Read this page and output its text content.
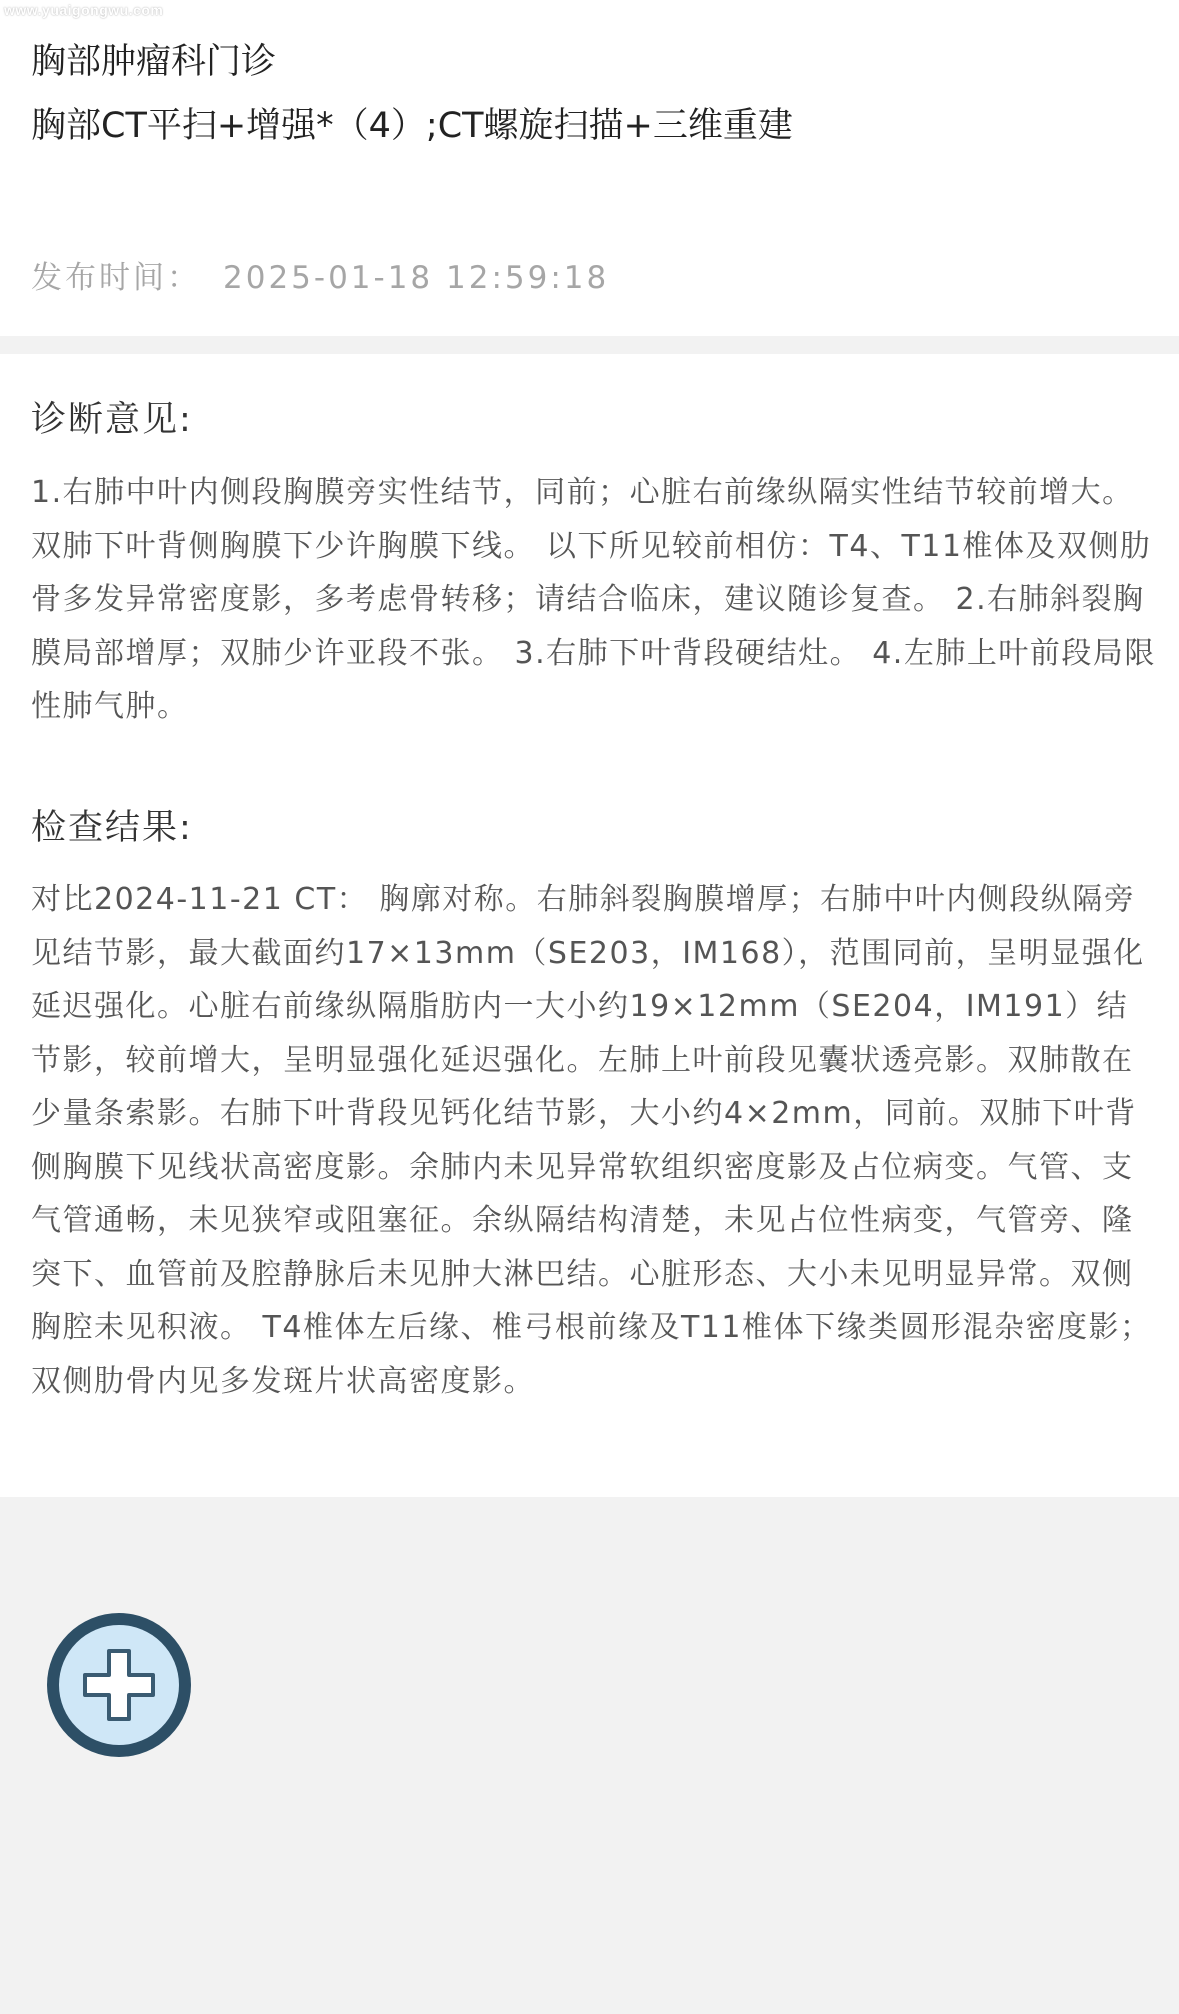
胸部肿瘤科门诊
胸部CT平扫+增强*（4）;CT螺旋扫描+三维重建
发布时间： 2025-01-18 12:59:18
www.yuaigongwu.com
诊断意见:
1.右肺中叶内侧段胸膜旁实性结节，同前；心脏右前缘纵隔实性结节较前增大。 双肺下叶背侧胸膜下少许胸膜下线。 以下所见较前相仿：T4、T11椎体及双侧肋骨多发异常密度影，多考虑骨转移；请结合临床，建议随诊复查。 2.右肺斜裂胸膜局部增厚；双肺少许亚段不张。 3.右肺下叶背段硬结灶。 4.左肺上叶前段局限性肺气肿。
检查结果:
对比2024-11-21 CT： 胸廓对称。右肺斜裂胸膜增厚；右肺中叶内侧段纵隔旁见结节影，最大截面约17×13mm（SE203，IM168），范围同前，呈明显强化延迟强化。心脏右前缘纵隔脂肪内一大小约19×12mm（SE204，IM191）结节影，较前增大，呈明显强化延迟强化。左肺上叶前段见囊状透亮影。双肺散在少量条索影。右肺下叶背段见钙化结节影，大小约4×2mm，同前。双肺下叶背侧胸膜下见线状高密度影。余肺内未见异常软组织密度影及占位病变。气管、支气管通畅，未见狭窄或阻塞征。余纵隔结构清楚，未见占位性病变，气管旁、隆突下、血管前及腔静脉后未见肿大淋巴结。心脏形态、大小未见明显异常。双侧胸腔未见积液。 T4椎体左后缘、椎弓根前缘及T11椎体下缘类圆形混杂密度影；双侧肋骨内见多发斑片状高密度影。
